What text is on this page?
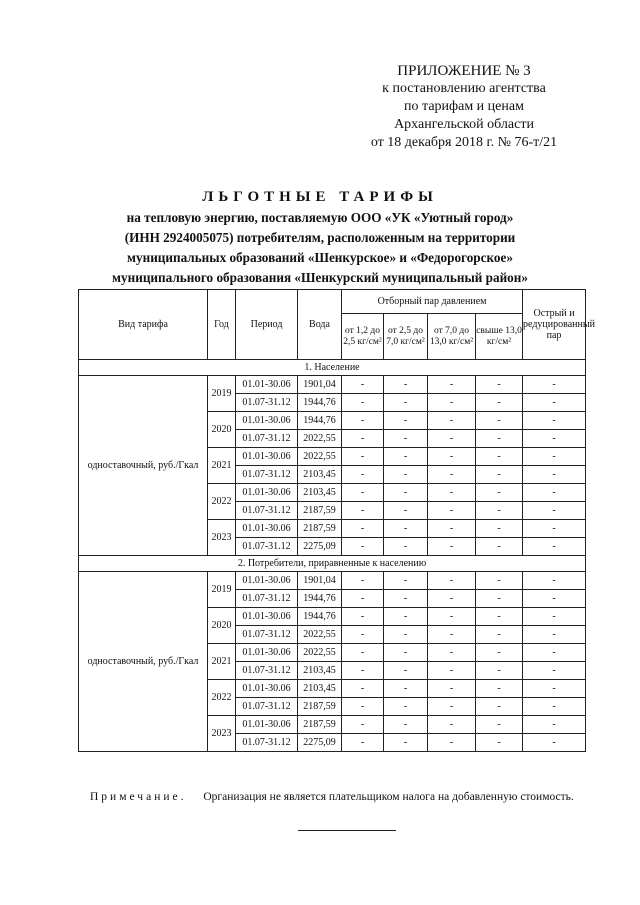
ПРИЛОЖЕНИЕ № 3
к постановлению агентства
по тарифам и ценам
Архангельской области
от 18 декабря 2018 г. № 76-т/21
ЛЬГОТНЫЕ ТАРИФЫ
на тепловую энергию, поставляемую ООО «УК «Уютный город»
(ИНН 2924005075) потребителям, расположенным на территории
муниципальных образований «Шенкурское» и «Федорогорское»
муниципального образования «Шенкурский муниципальный район»
Вид тарифа	Год	Период	Вода	Отборный пар давлением				Острый и редуцированный пар
				от 1,2 до 2,5 кг/см²	от 2,5 до 7,0 кг/см²	от 7,0 до 13,0 кг/см²	свыше 13,0 кг/см²	
1. Население								
одноставочный, руб./Гкал	2019	01.01-30.06	1901,04	-	-	-	-	-
		01.07-31.12	1944,76	-	-	-	-	-
	2020	01.01-30.06	1944,76	-	-	-	-	-
		01.07-31.12	2022,55	-	-	-	-	-
	2021	01.01-30.06	2022,55	-	-	-	-	-
		01.07-31.12	2103,45	-	-	-	-	-
	2022	01.01-30.06	2103,45	-	-	-	-	-
		01.07-31.12	2187,59	-	-	-	-	-
	2023	01.01-30.06	2187,59	-	-	-	-	-
		01.07-31.12	2275,09	-	-	-	-	-
2. Потребители, приравненные к населению								
одноставочный, руб./Гкал	2019	01.01-30.06	1901,04	-	-	-	-	-
		01.07-31.12	1944,76	-	-	-	-	-
	2020	01.01-30.06	1944,76	-	-	-	-	-
		01.07-31.12	2022,55	-	-	-	-	-
	2021	01.01-30.06	2022,55	-	-	-	-	-
		01.07-31.12	2103,45	-	-	-	-	-
	2022	01.01-30.06	2103,45	-	-	-	-	-
		01.07-31.12	2187,59	-	-	-	-	-
	2023	01.01-30.06	2187,59	-	-	-	-	-
		01.07-31.12	2275,09	-	-	-	-	-
Примечание. Организация не является плательщиком налога на добавленную стоимость.
